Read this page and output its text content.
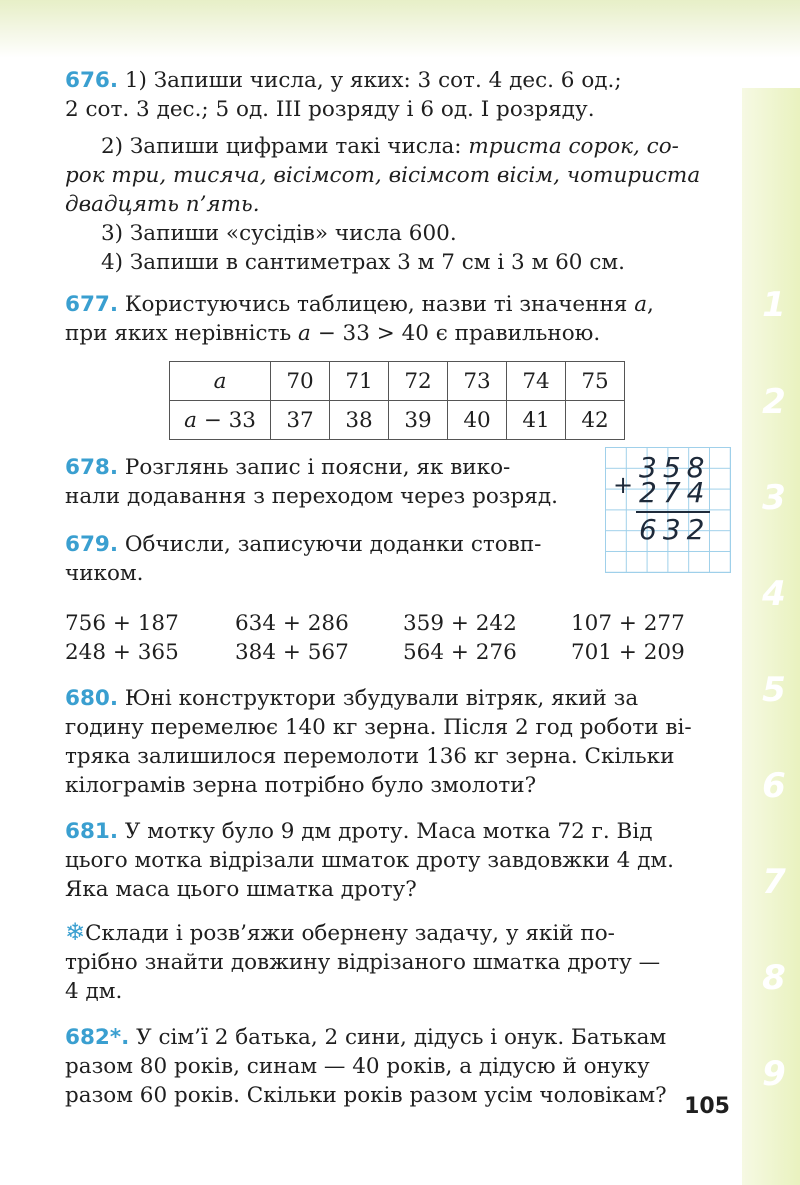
1
2
3
4
5
6
7
8
9

676. 1) Запиши числа, у яких: 3 сот. 4 дес. 6 од.;

2 сот. 3 дес.; 5 од. ІІІ розряду і 6 од. І розряду.

2) Запиши цифрами такі числа: триста сорок, со-

рок три, тисяча, вісімсот, вісімсот вісім, чотириста

двадцять п’ять.

3) Запиши «сусідів» числа 600.

4) Запиши в сантиметрах 3 м 7 см і 3 м 60 см.

677. Користуючись таблицею, назви ті значення a,

при яких нерівність a − 33 > 40 є правильною.

a	70	71	72	73	74	75
a − 33	37	38	39	40	41	42

678. Розглянь запис і поясни, як вико-

нали додавання з переходом через розряд.

679. Обчисли, записуючи доданки стовп-

чиком.

+
358
274
632
756 + 187	634 + 286	359 + 242	107 + 277
248 + 365	384 + 567	564 + 276	701 + 209

680. Юні конструктори збудували вітряк, який за

годину перемелює 140 кг зерна. Після 2 год роботи ві-

тряка залишилося перемолоти 136 кг зерна. Скільки

кілограмів зерна потрібно було змолоти?

681. У мотку було 9 дм дроту. Маса мотка 72 г. Від

цього мотка відрізали шматок дроту завдовжки 4 дм.

Яка маса цього шматка дроту?

❄Склади і розв’яжи обернену задачу, у якій по-

трібно знайти довжину відрізаного шматка дроту —

4 дм.

682*. У сім’ї 2 батька, 2 сини, дідусь і онук. Батькам

разом 80 років, синам — 40 років, а дідусю й онуку

разом 60 років. Скільки років разом усім чоловікам? 105
